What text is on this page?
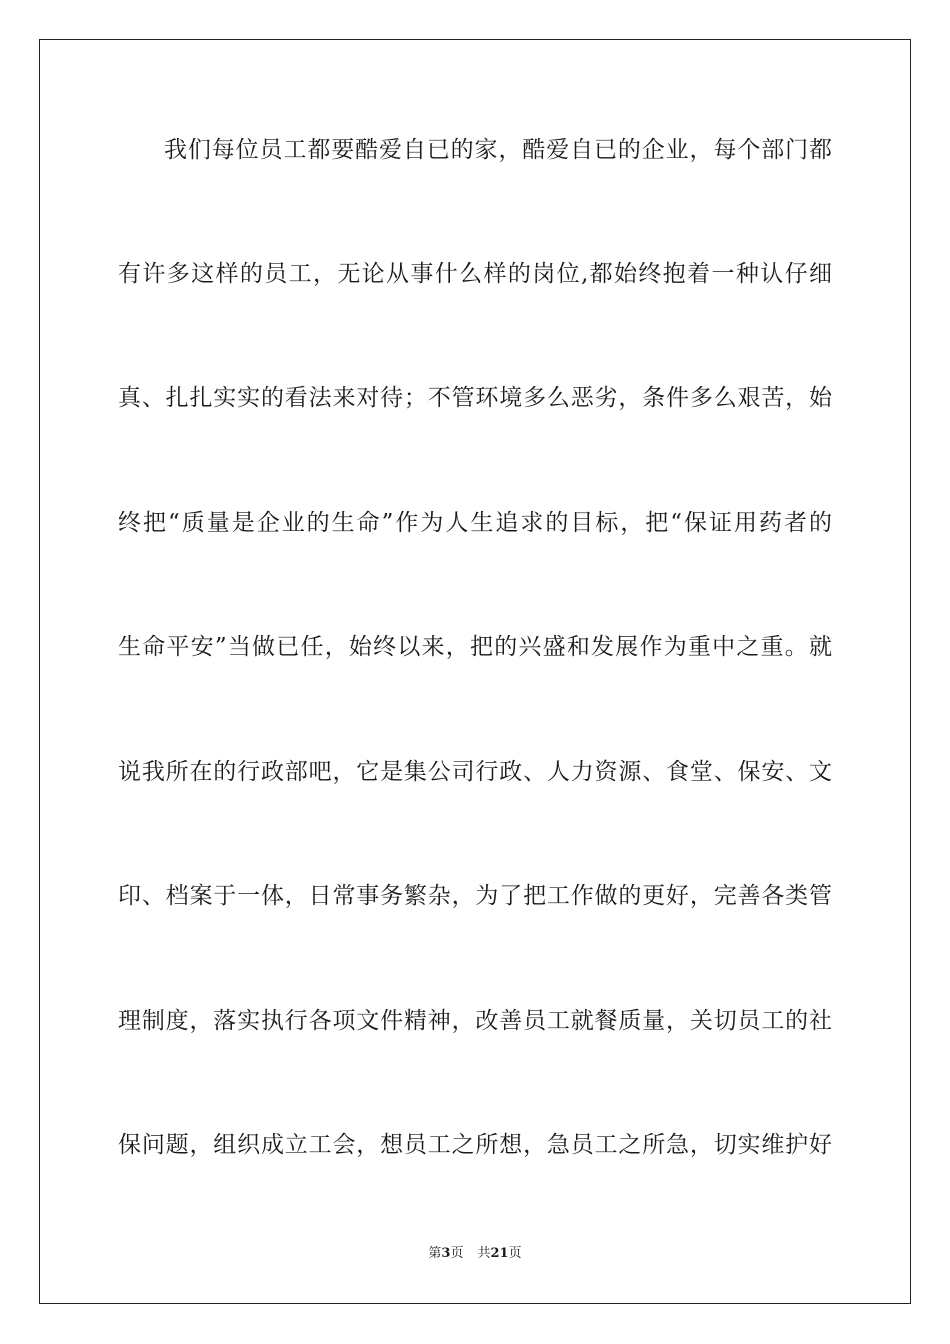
我们每位员工都要酷爱自已的家，酷爱自已的企业，每个部门都
有许多这样的员工，无论从事什么样的岗位,都始终抱着一种认仔细
真、扎扎实实的看法来对待；不管环境多么恶劣，条件多么艰苦，始
终把“质量是企业的生命”作为人生追求的目标，把“保证用药者的
生命平安”当做已任，始终以来，把的兴盛和发展作为重中之重。就
说我所在的行政部吧，它是集公司行政、人力资源、食堂、保安、文
印、档案于一体，日常事务繁杂，为了把工作做的更好，完善各类管
理制度，落实执行各项文件精神，改善员工就餐质量，关切员工的社
保问题，组织成立工会，想员工之所想，急员工之所急，切实维护好
第3页 共21页
